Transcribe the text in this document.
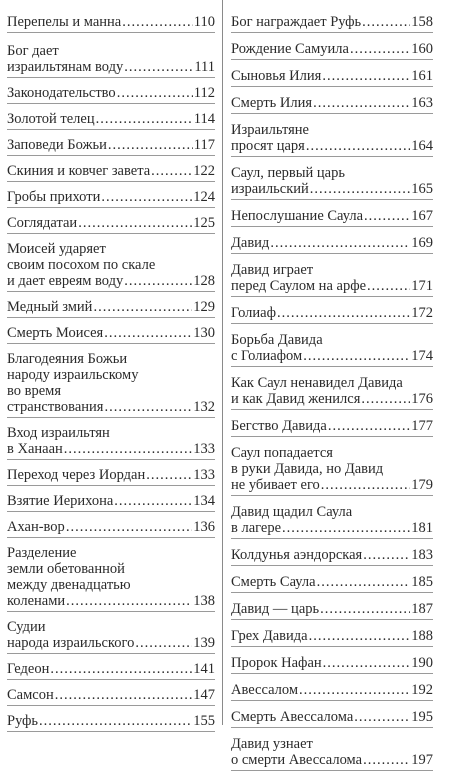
Перепелы и манна .....	110
Бог дает
израильтянам воду .....	111
Законодательство .....	112
Золотой телец .....	114
Заповеди Божьи .....	117
Скиния и ковчег завета .....	122
Гробы прихоти .....	124
Соглядатаи .....	125
Моисей ударяет
своим посохом по скале
и дает евреям воду .....	128
Медный змий .....	129
Смерть Моисея .....	130
Благодеяния Божьи
народу израильскому
во время
странствования .....	132
Вход израильтян
в Ханаан .....	133
Переход через Иордан .....	133
Взятие Иерихона .....	134
Ахан-вор .....	136
Разделение
земли обетованной
между двенадцатью
коленами .....	138
Судии
народа израильского .....	139
Гедеон .....	141
Самсон .....	147
Руфь .....	155
Бог награждает Руфь .....	158
Рождение Самуила .....	160
Сыновья Илия .....	161
Смерть Илия .....	163
Израильтяне
просят царя .....	164
Саул, первый царь
израильский .....	165
Непослушание Саула .....	167
Давид .....	169
Давид играет
перед Саулом на арфе .....	171
Голиаф .....	172
Борьба Давида
с Голиафом .....	174
Как Саул ненавидел Давида
и как Давид женился .....	176
Бегство Давида .....	177
Саул попадается
в руки Давида, но Давид
не убивает его .....	179
Давид щадил Саула
в лагере .....	181
Колдунья аэндорская .....	183
Смерть Саула .....	185
Давид — царь .....	187
Грех Давида .....	188
Пророк Нафан .....	190
Авессалом .....	192
Смерть Авессалома .....	195
Давид узнает
о смерти Авессалома .....	197
